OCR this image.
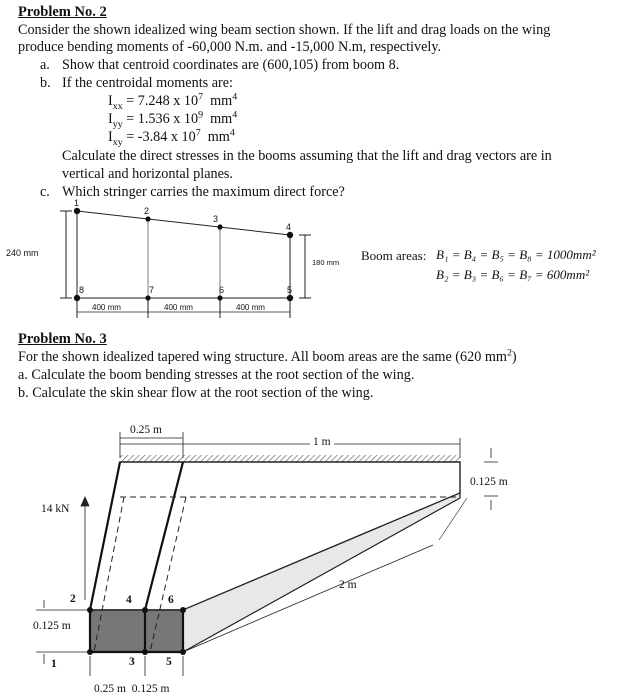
Problem No. 2
Consider the shown idealized wing beam section shown. If the lift and drag loads on the wing
produce bending moments of -60,000 N.m. and -15,000 N.m, respectively.
a. Show that centroid coordinates are (600,105) from boom 8.
b. If the centroidal moments are:
$I_{xx} = 7.248$ x $10^7$ $mm^4$
$I_{yy} = 1.536$ x $10^9$ $mm^4$
$I_{xy} = -3.84$ x $10^7$ $mm^4$
Calculate the direct stresses in the booms assuming that the lift and drag vectors are in
vertical and horizontal planes.
c. Which stringer carries the maximum direct force?
1
2
3
4
5
6
7
8
240 mm
180 mm
400 mm	400 mm	400 mm
Boom areas: B₁ = B₄ = B₅ = B₈ = 1000mm²
B₂ = B₃ = B₆ = B₇ = 600mm²
Problem No. 3
For the shown idealized tapered wing structure. All boom areas are the same (620 $mm^2$)
a. Calculate the boom bending stresses at the root section of the wing.
b. Calculate the skin shear flow at the root section of the wing.
0.25 m
1 m
0.125 m
14 kN
2 m
0.125 m
0.25 m  0.125 m
1
2
3
4
5
6
